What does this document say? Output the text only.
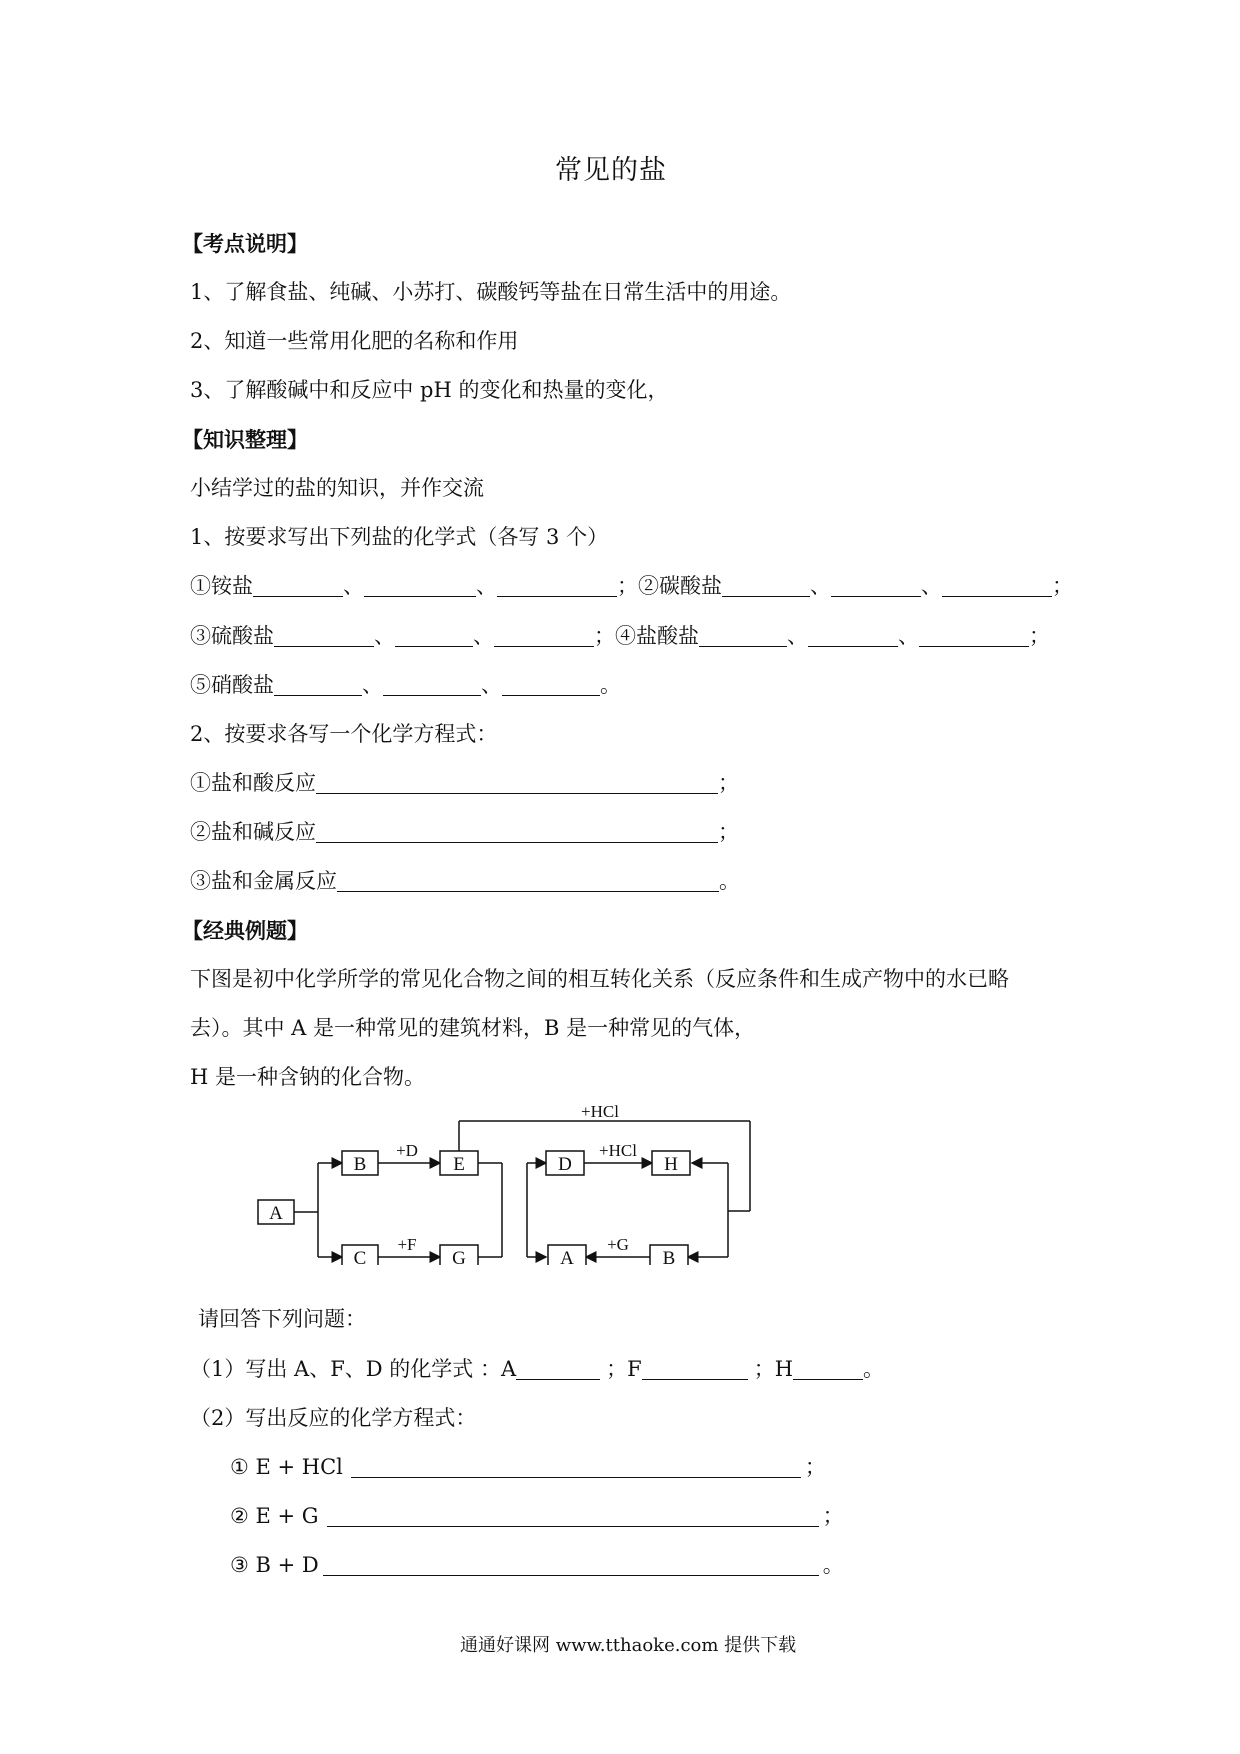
常见的盐
【考点说明】
1、了解食盐、纯碱、小苏打、碳酸钙等盐在日常生活中的用途。
2、知道一些常用化肥的名称和作用
3、了解酸碱中和反应中 pH 的变化和热量的变化，
【知识整理】
小结学过的盐的知识，并作交流
1、按要求写出下列盐的化学式（各写 3 个）
①铵盐	、	、	；②碳酸盐	、	、	；
③硫酸盐	、	、	；④盐酸盐	、	、	；
⑤硝酸盐	、	、	。
2、按要求各写一个化学方程式：
①盐和酸反应	；
②盐和碱反应	；
③盐和金属反应	。
【经典例题】
下图是初中化学所学的常见化合物之间的相互转化关系（反应条件和生成产物中的水已略
去）。其中 A 是一种常见的建筑材料，B 是一种常见的气体，
H 是一种含钠的化合物。
A
B
C
E
G
D	H
A	B
+D
+F
+HCl
+HCl
+G
请回答下列问题：
（1）写出 A、F、D 的化学式 ：A	；F	；H	。
（2）写出反应的化学方程式：
① E + HCl	；
② E + G	；
③ B + D	。
通通好课网 www.tthaoke.com 提供下载
